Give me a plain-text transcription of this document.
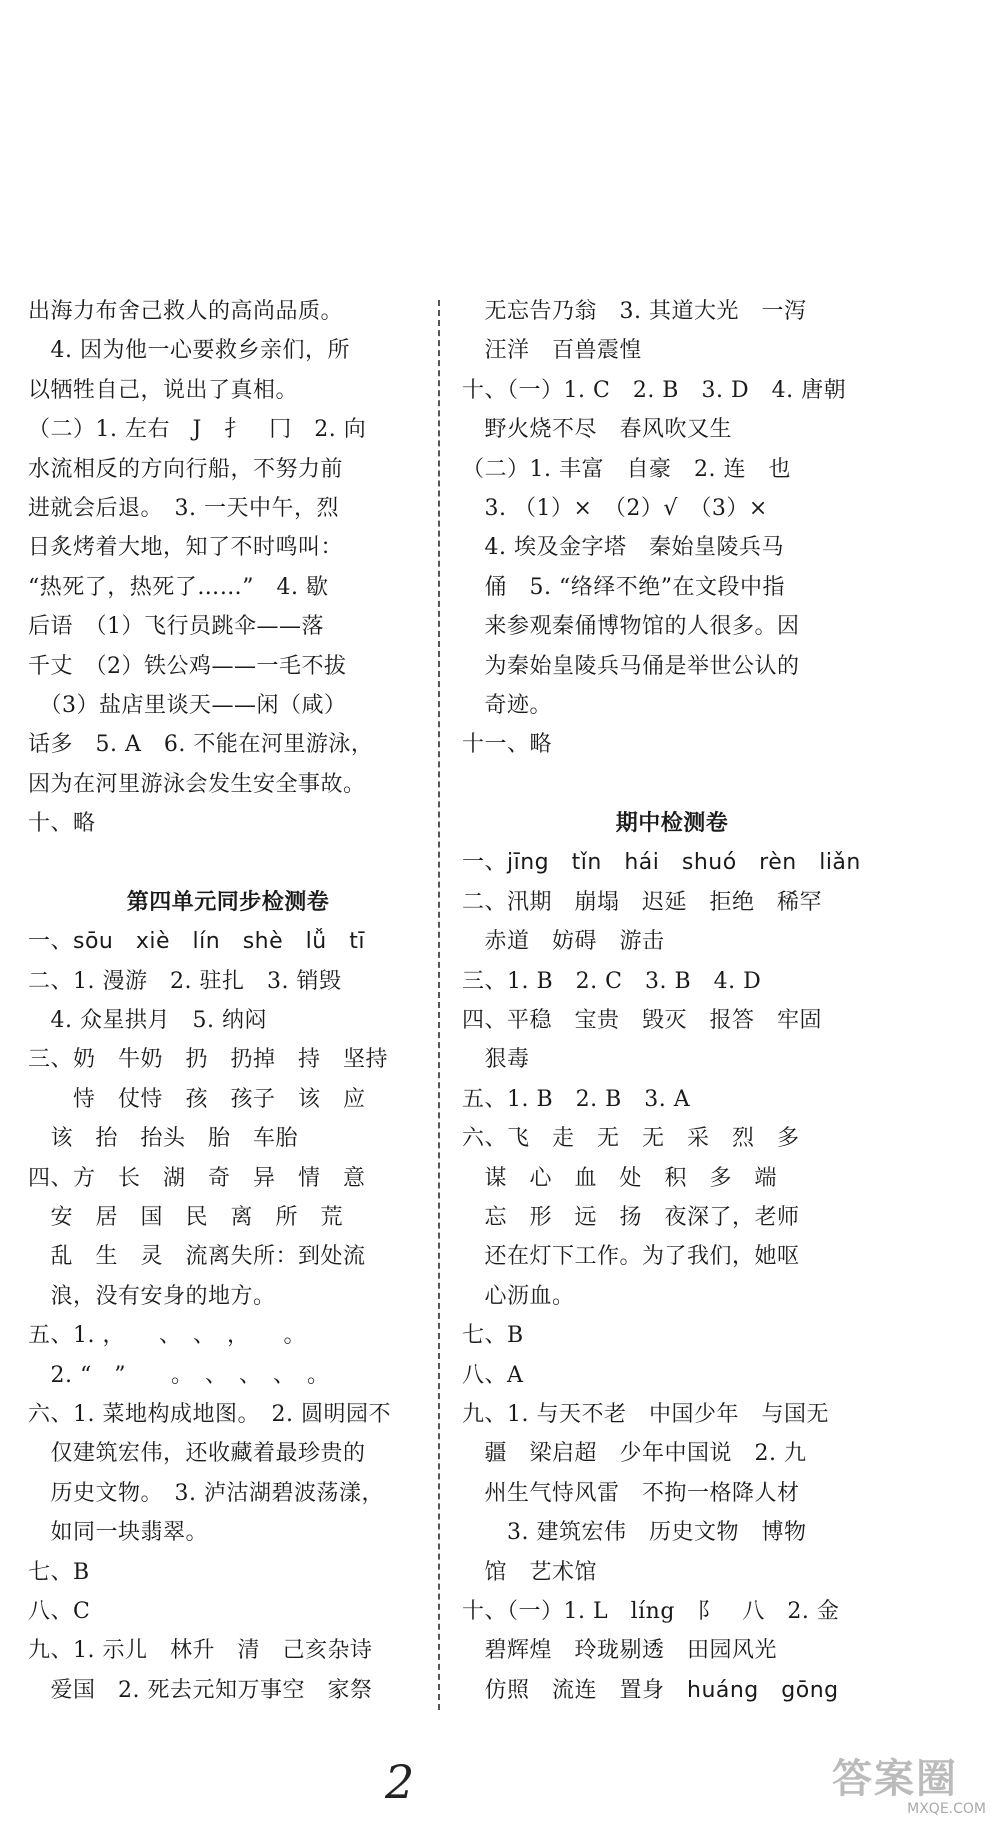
出海力布舍己救人的高尚品质。
　4. 因为他一心要救乡亲们，所
以牺牲自己，说出了真相。
（二）1. 左右　J　扌　冂　2. 向
水流相反的方向行船，不努力前
进就会后退。　3. 一天中午，烈
日炙烤着大地，知了不时鸣叫：
“热死了，热死了……”　4. 歇
后语　（1）飞行员跳伞——落
千丈　（2）铁公鸡——一毛不拔
　（3）盐店里谈天——闲（咸）
话多　5. A　6. 不能在河里游泳，
因为在河里游泳会发生安全事故。
十、略
第四单元同步检测卷
一、sōu　xiè　lín　shè　lǚ　tī
二、1. 漫游　2. 驻扎　3. 销毁
　4. 众星拱月　5. 纳闷
三、奶　牛奶　扔　扔掉　持　坚持
　　恃　仗恃　孩　孩子　该　应
　该　抬　抬头　胎　车胎
四、方　长　湖　奇　异　情　意
　安　居　国　民　离　所　荒
　乱　生　灵　流离失所：到处流
　浪，没有安身的地方。
五、1. ，　　、　、　，　　。
　2. “　”　　。　、　、　、　。
六、1. 菜地构成地图。　2. 圆明园不
　仅建筑宏伟，还收藏着最珍贵的
　历史文物。　3. 泸沽湖碧波荡漾，
　如同一块翡翠。
七、B
八、C
九、1. 示儿　林升　清　己亥杂诗
　爱国　2. 死去元知万事空　家祭
　无忘告乃翁　3. 其道大光　一泻
　汪洋　百兽震惶
十、（一）1. C　2. B　3. D　4. 唐朝
　野火烧不尽　春风吹又生
（二）1. 丰富　自豪　2. 连　也
　3. （1）×　（2）√　（3）×
　4. 埃及金字塔　秦始皇陵兵马
　俑　5. “络绎不绝”在文段中指
　来参观秦俑博物馆的人很多。因
　为秦始皇陵兵马俑是举世公认的
　奇迹。
十一、略
期中检测卷
一、jīng　tǐn　hái　shuó　rèn　liǎn
二、汛期　崩塌　迟延　拒绝　稀罕
　赤道　妨碍　游击
三、1. B　2. C　3. B　4. D
四、平稳　宝贵　毁灭　报答　牢固
　狠毒
五、1. B　2. B　3. A
六、飞　走　无　无　采　烈　多
　谋　心　血　处　积　多　端
　忘　形　远　扬　夜深了，老师
　还在灯下工作。为了我们，她呕
　心沥血。
七、B
八、A
九、1. 与天不老　中国少年　与国无
　疆　梁启超　少年中国说　2. 九
　州生气恃风雷　不拘一格降人材
　　3. 建筑宏伟　历史文物　博物
　馆　艺术馆
十、（一）1. L　líng　阝　八　2. 金
　碧辉煌　玲珑剔透　田园风光
　仿照　流连　置身　huáng　gōng
2	答案圈
MXQE.COM
